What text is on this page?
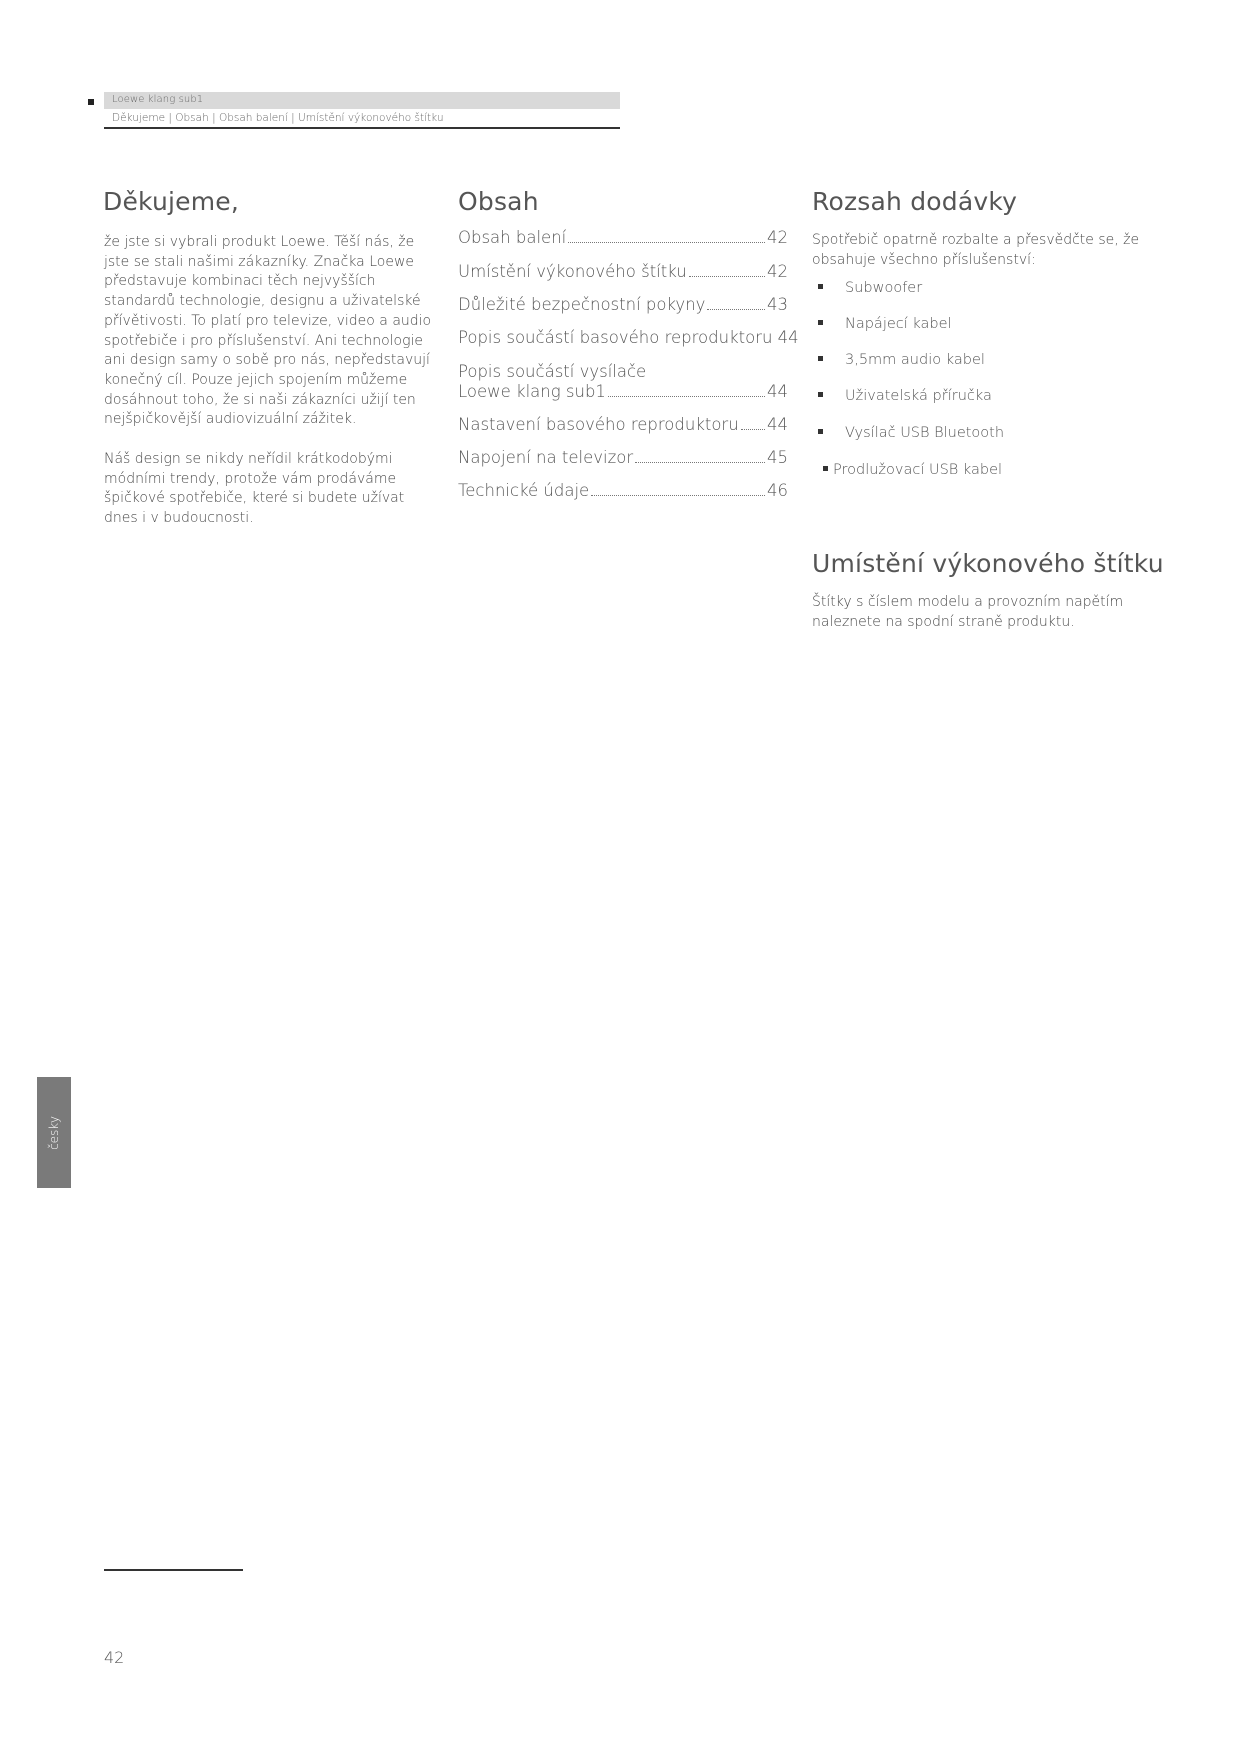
Loewe klang sub1
Děkujeme | Obsah | Obsah balení | Umístění výkonového štítku
Děkujeme,

že jste si vybrali produkt Loewe. Těší nás, že jste se stali našimi zákazníky. Značka Loewe představuje kombinaci těch nejvyšších standardů technologie, designu a uživatelské přívětivosti. To platí pro televize, video a audio spotřebiče i pro příslušenství. Ani technologie ani design samy o sobě pro nás, nepředstavují konečný cíl. Pouze jejich spojením můžeme dosáhnout toho, že si naši zákazníci užijí ten nejšpičkovější audiovizuální zážitek.

Náš design se nikdy neřídil krátkodobými módními trendy, protože vám prodáváme špičkové spotřebiče, které si budete užívat dnes i v budoucnosti.

Obsah
Obsah balení	42
Umístění výkonového štítku	42
Důležité bezpečnostní pokyny	43
Popis součástí basového reproduktoru 44
Popis součástí vysílače
Loewe klang sub1	44
Nastavení basového reproduktoru 44
Napojení na televizor	45
Technické údaje	46
Rozsah dodávky
Spotřebič opatrně rozbalte a přesvědčte se, že obsahuje všechno příslušenství:
Subwoofer
Napájecí kabel
3,5mm audio kabel
Uživatelská příručka
Vysílač USB Bluetooth
Prodlužovací USB kabel
Umístění výkonového štítku
Štítky s číslem modelu a provozním napětím naleznete na spodní straně produktu.
česky
42
